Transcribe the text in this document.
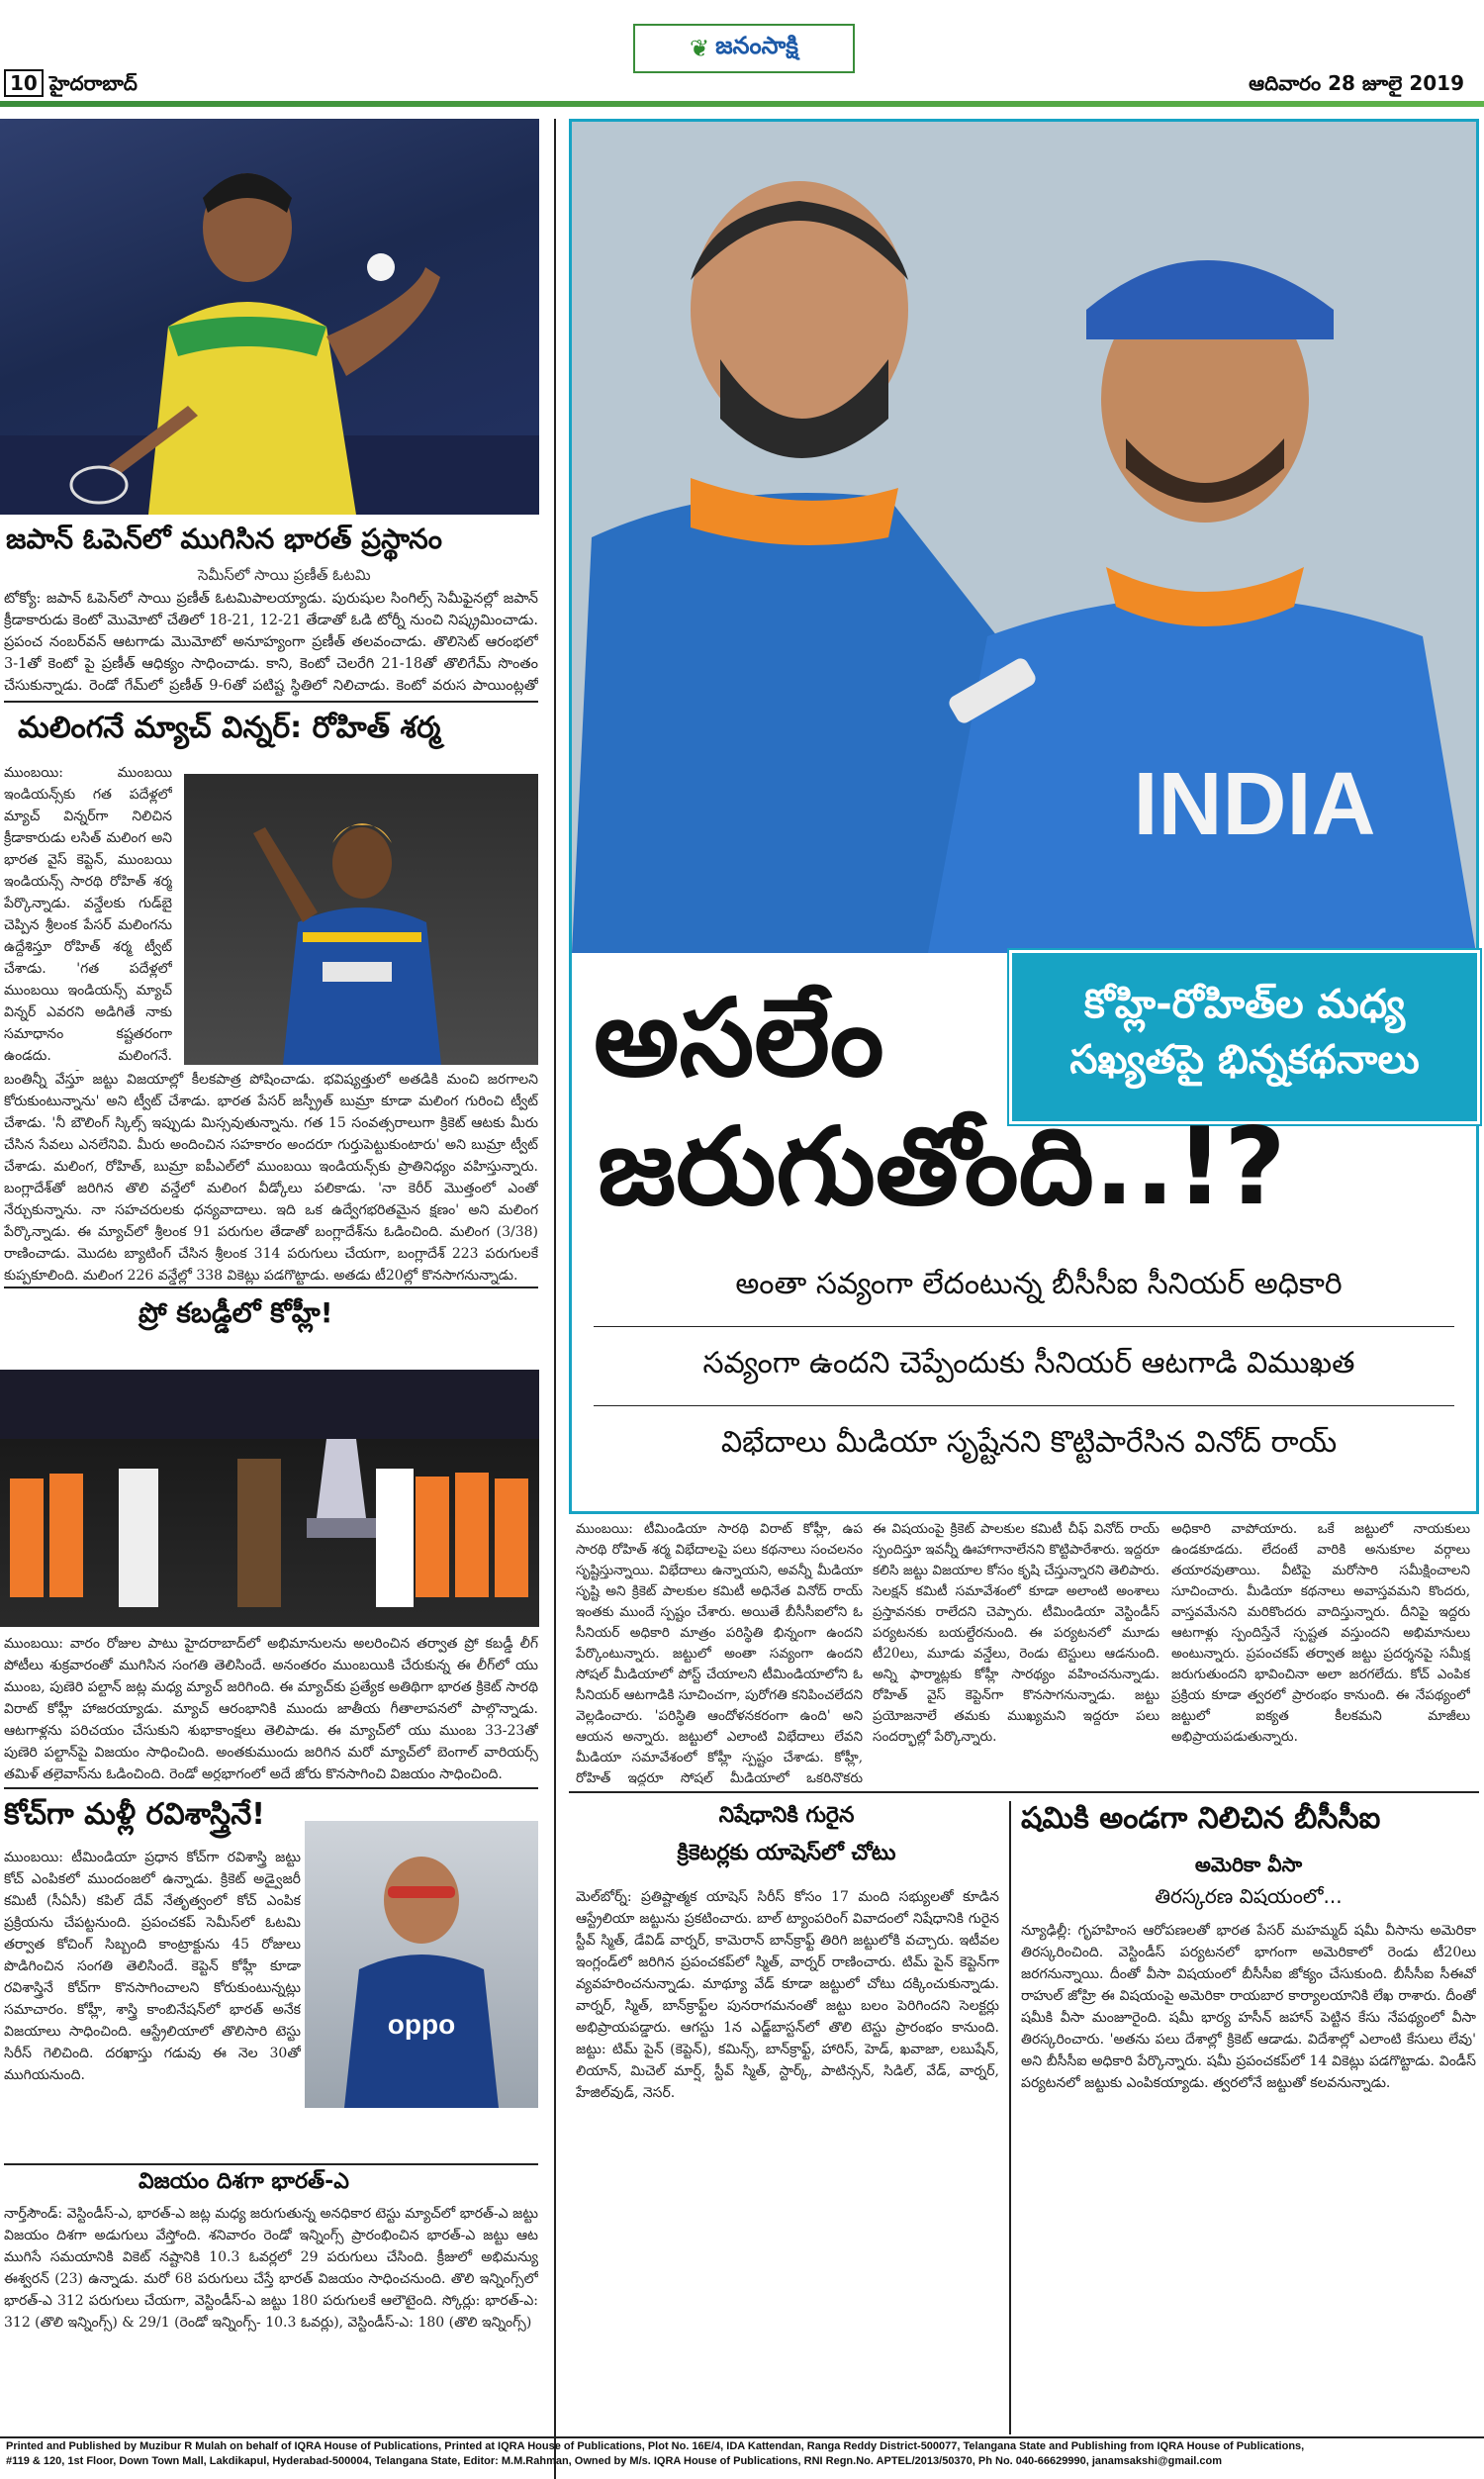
10 హైదరాబాద్
❦ జనంసాక్షి
ఆదివారం 28 జూలై 2019
జపాన్ ఓపెన్‌లో ముగిసిన భారత్ ప్రస్థానం
సెమీస్‌లో సాయి ప్రణీత్ ఓటమి
టోక్యో: జపాన్ ఓపెన్‌లో సాయి ప్రణీత్ ఓటమిపాలయ్యాడు. పురుషుల సింగిల్స్ సెమీఫైనల్లో జపాన్ క్రీడాకారుడు కెంటో మొమోటో చేతిలో 18-21, 12-21 తేడాతో ఓడి టోర్నీ నుంచి నిష్క్రమించాడు. ప్రపంచ నంబర్‌వన్ ఆటగాడు మొమోటో అనూహ్యంగా ప్రణీత్ తలవంచాడు. తొలిసెట్ ఆరంభలో 3-1తో కెంటో పై ప్రణీత్ ఆధిక్యం సాధించాడు. కాని, కెంటో చెలరేగి 21-18తో తొలిగేమ్ సొంతం చేసుకున్నాడు. రెండో గేమ్‌లో ప్రణీత్ 9-6తో పటిష్ట స్థితిలో నిలిచాడు. కెంటో వరుస పాయింట్లతో
మలింగనే మ్యాచ్ విన్నర్: రోహిత్ శర్మ
ముంబయి: ముంబయి ఇండియన్స్‌కు గత పదేళ్లలో మ్యాచ్ విన్నర్‌గా నిలిచిన క్రీడాకారుడు లసిత్ మలింగ అని భారత వైస్ కెప్టెన్, ముంబయి ఇండియన్స్ సారథి రోహిత్ శర్మ పేర్కొన్నాడు. వన్డేలకు గుడ్‌బై చెప్పిన శ్రీలంక పేసర్ మలింగను ఉద్దేశిస్తూ రోహిత్ శర్మ ట్వీట్ చేశాడు. 'గత పదేళ్లలో ముంబయి ఇండియన్స్ మ్యాచ్ విన్నర్ ఎవరని అడిగితే నాకు సమాధానం కష్టతరంగా ఉండదు. మలింగనే.
బంతిన్నీ వేస్తూ జట్టు విజయాల్లో కీలకపాత్ర పోషించాడు. భవిష్యత్తులో అతడికి మంచి జరగాలని కోరుకుంటున్నాను' అని ట్వీట్ చేశాడు. భారత పేసర్ జస్ప్రీత్ బుమ్రా కూడా మలింగ గురించి ట్వీట్ చేశాడు. 'నీ బౌలింగ్ స్కిల్స్ ఇప్పుడు మిస్సవుతున్నాను. గత 15 సంవత్సరాలుగా క్రికెట్ ఆటకు మీరు చేసిన సేవలు ఎనలేనివి. మీరు అందించిన సహకారం అందరూ గుర్తుపెట్టుకుంటారు' అని బుమ్రా ట్వీట్ చేశాడు. మలింగ, రోహిత్, బుమ్రా ఐపీఎల్‌లో ముంబయి ఇండియన్స్‌కు ప్రాతినిధ్యం వహిస్తున్నారు. బంగ్లాదేశ్‌తో జరిగిన తొలి వన్డేలో మలింగ వీడ్కోలు పలికాడు. 'నా కెరీర్ మొత్తంలో ఎంతో నేర్చుకున్నాను. నా సహచరులకు ధన్యవాదాలు. ఇది ఒక ఉద్వేగభరితమైన క్షణం' అని మలింగ పేర్కొన్నాడు. ఈ మ్యాచ్‌లో శ్రీలంక 91 పరుగుల తేడాతో బంగ్లాదేశ్‌ను ఓడించింది. మలింగ (3/38) రాణించాడు. మొదట బ్యాటింగ్ చేసిన శ్రీలంక 314 పరుగులు చేయగా, బంగ్లాదేశ్ 223 పరుగులకే కుప్పకూలింది. మలింగ 226 వన్డేల్లో 338 వికెట్లు పడగొట్టాడు. అతడు టీ20ల్లో కొనసాగనున్నాడు.
ప్రో కబడ్డీలో కోహ్లీ!
ముంబయి: వారం రోజుల పాటు హైదరాబాద్‌లో అభిమానులను అలరించిన తర్వాత ప్రో కబడ్డీ లీగ్ పోటీలు శుక్రవారంతో ముగిసిన సంగతి తెలిసిందే. అనంతరం ముంబయికి చేరుకున్న ఈ లీగ్‌లో యు ముంబ, పుణెరి పల్టాన్ జట్ల మధ్య మ్యాచ్ జరిగింది. ఈ మ్యాచ్‌కు ప్రత్యేక అతిథిగా భారత క్రికెట్ సారథి విరాట్ కోహ్లీ హాజరయ్యాడు. మ్యాచ్ ఆరంభానికి ముందు జాతీయ గీతాలాపనలో పాల్గొన్నాడు. ఆటగాళ్లను పరిచయం చేసుకుని శుభాకాంక్షలు తెలిపాడు. ఈ మ్యాచ్‌లో యు ముంబ 33-23తో పుణెరి పల్టాన్‌పై విజయం సాధించింది. అంతకుముందు జరిగిన మరో మ్యాచ్‌లో బెంగాల్ వారియర్స్ తమిళ్ తలైవాస్‌ను ఓడించింది. రెండో అర్ధభాగంలో అదే జోరు కొనసాగించి విజయం సాధించింది.
కోచ్‌గా మళ్లీ రవిశాస్త్రినే!
ముంబయి: టీమిండియా ప్రధాన కోచ్‌గా రవిశాస్త్రి జట్టు కోచ్ ఎంపికలో ముందంజలో ఉన్నాడు. క్రికెట్ అడ్వైజరీ కమిటీ (సీఏసీ) కపిల్ దేవ్ నేతృత్వంలో కోచ్ ఎంపిక ప్రక్రియను చేపట్టనుంది. ప్రపంచకప్ సెమీస్‌లో ఓటమి తర్వాత కోచింగ్ సిబ్బంది కాంట్రాక్టును 45 రోజులు పొడిగించిన సంగతి తెలిసిందే. కెప్టెన్ కోహ్లీ కూడా రవిశాస్త్రినే కోచ్‌గా కొనసాగించాలని కోరుకుంటున్నట్లు సమాచారం. కోహ్లీ, శాస్త్రి కాంబినేషన్‌లో భారత్ అనేక విజయాలు సాధించింది. ఆస్ట్రేలియాలో తొలిసారి టెస్టు సిరీస్ గెలిచింది. దరఖాస్తు గడువు ఈ నెల 30తో ముగియనుంది.
oppo
విజయం దిశగా భారత్-ఎ
నార్త్‌సౌండ్: వెస్టిండీస్-ఎ, భారత్-ఎ జట్ల మధ్య జరుగుతున్న అనధికార టెస్టు మ్యాచ్‌లో భారత్-ఎ జట్టు విజయం దిశగా అడుగులు వేస్తోంది. శనివారం రెండో ఇన్నింగ్స్ ప్రారంభించిన భారత్-ఎ జట్టు ఆట ముగిసే సమయానికి వికెట్ నష్టానికి 10.3 ఓవర్లలో 29 పరుగులు చేసింది. క్రీజులో అభిమన్యు ఈశ్వరన్ (23) ఉన్నాడు. మరో 68 పరుగులు చేస్తే భారత్ విజయం సాధించనుంది. తొలి ఇన్నింగ్స్‌లో భారత్-ఎ 312 పరుగులు చేయగా, వెస్టిండీస్-ఎ జట్టు 180 పరుగులకే ఆలౌటైంది. స్కోర్లు: భారత్-ఎ: 312 (తొలి ఇన్నింగ్స్) & 29/1 (రెండో ఇన్నింగ్స్- 10.3 ఓవర్లు), వెస్టిండీస్-ఎ: 180 (తొలి ఇన్నింగ్స్)
INDIA
కోహ్లి-రోహిత్‌ల మధ్య
సఖ్యతపై భిన్నకథనాలు
అసలేం
జరుగుతోంది..!?
అంతా సవ్యంగా లేదంటున్న బీసీసీఐ సీనియర్ అధికారి
సవ్యంగా ఉందని చెప్పేందుకు సీనియర్ ఆటగాడి విముఖత
విభేదాలు మీడియా సృష్టేనని కొట్టిపారేసిన వినోద్ రాయ్
ముంబయి: టీమిండియా సారథి విరాట్ కోహ్లీ, ఉప సారథి రోహిత్ శర్మ విభేదాలపై పలు కథనాలు సంచలనం సృష్టిస్తున్నాయి. విభేదాలు ఉన్నాయని, అవన్నీ మీడియా సృష్టి అని క్రికెట్ పాలకుల కమిటీ అధినేత వినోద్ రాయ్ ఇంతకు ముందే స్పష్టం చేశారు. అయితే బీసీసీఐలోని ఓ సీనియర్ అధికారి మాత్రం పరిస్థితి భిన్నంగా ఉందని పేర్కొంటున్నారు. జట్టులో అంతా సవ్యంగా ఉందని సోషల్ మీడియాలో పోస్ట్ చేయాలని టీమిండియాలోని ఓ సీనియర్ ఆటగాడికి సూచించగా, పురోగతి కనిపించలేదని వెల్లడించారు. 'పరిస్థితి ఆందోళనకరంగా ఉంది' అని ఆయన అన్నారు. జట్టులో ఎలాంటి విభేదాలు లేవని మీడియా సమావేశంలో కోహ్లీ స్పష్టం చేశాడు. కోహ్లీ, రోహిత్ ఇద్దరూ సోషల్ మీడియాలో ఒకరినొకరు
ఈ విషయంపై క్రికెట్ పాలకుల కమిటీ చీఫ్ వినోద్ రాయ్ స్పందిస్తూ ఇవన్నీ ఊహాగానాలేనని కొట్టిపారేశారు. ఇద్దరూ కలిసి జట్టు విజయాల కోసం కృషి చేస్తున్నారని తెలిపారు. సెలక్షన్ కమిటీ సమావేశంలో కూడా అలాంటి అంశాలు ప్రస్తావనకు రాలేదని చెప్పారు. టీమిండియా వెస్టిండీస్ పర్యటనకు బయల్దేరనుంది. ఈ పర్యటనలో మూడు టీ20లు, మూడు వన్డేలు, రెండు టెస్టులు ఆడనుంది. అన్ని ఫార్మాట్లకు కోహ్లీ సారథ్యం వహించనున్నాడు. రోహిత్ వైస్ కెప్టెన్‌గా కొనసాగనున్నాడు. జట్టు ప్రయోజనాలే తమకు ముఖ్యమని ఇద్దరూ పలు సందర్భాల్లో పేర్కొన్నారు.
అధికారి వాపోయారు. ఒకే జట్టులో నాయకులు ఉండకూడదు. లేదంటే వారికి అనుకూల వర్గాలు తయారవుతాయి. వీటిపై మరోసారి సమీక్షించాలని సూచించారు. మీడియా కథనాలు అవాస్తవమని కొందరు, వాస్తవమేనని మరికొందరు వాదిస్తున్నారు. దీనిపై ఇద్దరు ఆటగాళ్లు స్పందిస్తేనే స్పష్టత వస్తుందని అభిమానులు అంటున్నారు. ప్రపంచకప్ తర్వాత జట్టు ప్రదర్శనపై సమీక్ష జరుగుతుందని భావించినా అలా జరగలేదు. కోచ్ ఎంపిక ప్రక్రియ కూడా త్వరలో ప్రారంభం కానుంది. ఈ నేపథ్యంలో జట్టులో ఐక్యత కీలకమని మాజీలు అభిప్రాయపడుతున్నారు.
నిషేధానికి గురైన
క్రికెటర్లకు యాషెస్‌లో చోటు
మెల్‌బోర్న్: ప్రతిష్టాత్మక యాషెస్ సిరీస్ కోసం 17 మంది సభ్యులతో కూడిన ఆస్ట్రేలియా జట్టును ప్రకటించారు. బాల్ ట్యాంపరింగ్ వివాదంలో నిషేధానికి గురైన స్టీవ్ స్మిత్, డేవిడ్ వార్నర్, కామెరాన్ బాన్‌క్రాఫ్ట్ తిరిగి జట్టులోకి వచ్చారు. ఇటీవల ఇంగ్లండ్‌లో జరిగిన ప్రపంచకప్‌లో స్మిత్, వార్నర్ రాణించారు. టిమ్ పైన్ కెప్టెన్‌గా వ్యవహరించనున్నాడు. మాథ్యూ వేడ్ కూడా జట్టులో చోటు దక్కించుకున్నాడు. వార్నర్, స్మిత్, బాన్‌క్రాఫ్ట్‌ల పునరాగమనంతో జట్టు బలం పెరిగిందని సెలక్టర్లు అభిప్రాయపడ్డారు. ఆగస్టు 1న ఎడ్జ్‌బాస్టన్‌లో తొలి టెస్టు ప్రారంభం కానుంది. జట్టు: టిమ్ పైన్ (కెప్టెన్), కమిన్స్, బాన్‌క్రాఫ్ట్, హారిస్, హెడ్, ఖవాజా, లబుషేన్, లియాన్, మిచెల్ మార్ష్, స్టీవ్ స్మిత్, స్టార్క్, పాటిన్సన్, సిడిల్, వేడ్, వార్నర్, హేజిల్‌వుడ్, నెసర్.
షమికి అండగా నిలిచిన బీసీసీఐ
అమెరికా వీసా
తిరస్కరణ విషయంలో...
న్యూఢిల్లీ: గృహహింస ఆరోపణలతో భారత పేసర్ మహమ్మద్ షమీ వీసాను అమెరికా తిరస్కరించింది. వెస్టిండీస్ పర్యటనలో భాగంగా అమెరికాలో రెండు టీ20లు జరగనున్నాయి. దీంతో వీసా విషయంలో బీసీసీఐ జోక్యం చేసుకుంది. బీసీసీఐ సీఈవో రాహుల్ జోహ్రి ఈ విషయంపై అమెరికా రాయబార కార్యాలయానికి లేఖ రాశారు. దీంతో షమీకి వీసా మంజూరైంది. షమీ భార్య హసీన్ జహాన్ పెట్టిన కేసు నేపథ్యంలో వీసా తిరస్కరించారు. 'అతను పలు దేశాల్లో క్రికెట్ ఆడాడు. విదేశాల్లో ఎలాంటి కేసులు లేవు' అని బీసీసీఐ అధికారి పేర్కొన్నారు. షమీ ప్రపంచకప్‌లో 14 వికెట్లు పడగొట్టాడు. విండీస్ పర్యటనలో జట్టుకు ఎంపికయ్యాడు. త్వరలోనే జట్టుతో కలవనున్నాడు.
Printed and Published by Muzibur R Mulah on behalf of IQRA House of Publications, Printed at IQRA House of Publications, Plot No. 16E/4, IDA Kattendan, Ranga Reddy District-500077, Telangana State and Publishing from IQRA House of Publications,
#119 & 120, 1st Floor, Down Town Mall, Lakdikapul, Hyderabad-500004, Telangana State, Editor: M.M.Rahman, Owned by M/s. IQRA House of Publications, RNI Regn.No. APTEL/2013/50370, Ph No. 040-66629990, janamsakshi@gmail.com
